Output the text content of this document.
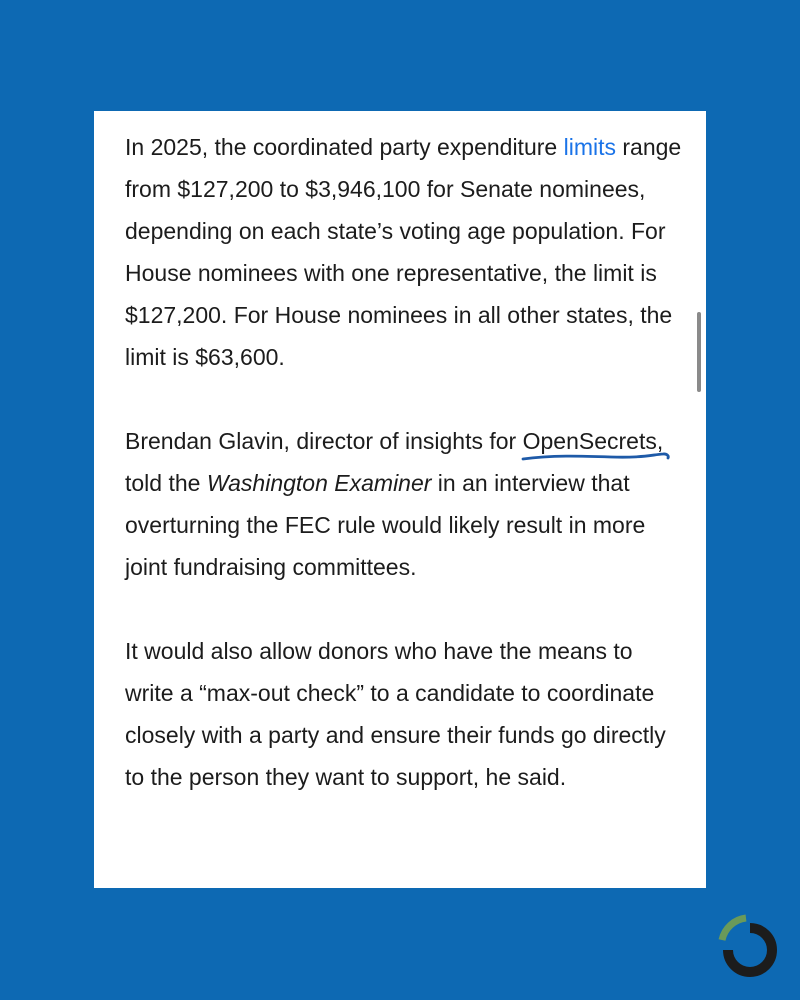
In 2025, the coordinated party expenditure limits range from $127,200 to $3,946,100 for Senate nominees, depending on each state’s voting age population. For House nominees with one representative, the limit is $127,200. For House nominees in all other states, the limit is $63,600.

Brendan Glavin, director of insights for OpenSecrets,
told the Washington Examiner in an interview that overturning the FEC rule would likely result in more joint fundraising committees.

It would also allow donors who have the means to write a “max-out check” to a candidate to coordinate closely with a party and ensure their funds go directly to the person they want to support, he said.
